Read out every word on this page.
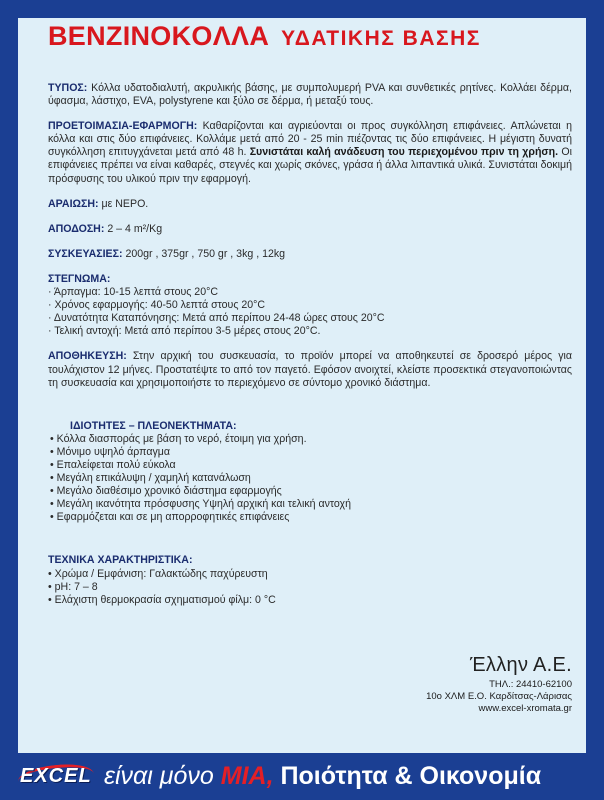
BENZINOKOΛΛA ΥΔΑΤΙΚΗΣ ΒΑΣΗΣ

ΤΥΠΟΣ: Κόλλα υδατοδιαλυτή, ακρυλικής βάσης, με συμπολυμερή PVA και συνθετικές ρητίνες. Κολλάει δέρμα, ύφασμα, λάστιχο, EVA, polystyrene και ξύλο σε δέρμα, ή μεταξύ τους.

ΠΡΟΕΤΟΙΜΑΣΙΑ-ΕΦΑΡΜΟΓΗ: Καθαρίζονται και αγριεύονται οι προς συγκόλληση επιφάνειες. Απλώνεται η κόλλα και στις δύο επιφάνειες. Κολλάμε μετά από 20 - 25 min πιέζοντας τις δύο επιφάνειες. Η μέγιστη δυνατή συγκόλληση επιτυγχάνεται μετά από 48 h. Συνιστάται καλή ανάδευση του περιεχομένου πριν τη χρήση. Οι επιφάνειες πρέπει να είναι καθαρές, στεγνές και χωρίς σκόνες, γράσα ή άλλα λιπαντικά υλικά. Συνιστάται δοκιμή πρόσφυσης του υλικού πριν την εφαρμογή.

ΑΡΑΙΩΣΗ: με ΝΕΡΟ.

ΑΠΟΔΟΣΗ: 2 – 4 m²/Kg

ΣΥΣΚΕΥΑΣΙΕΣ: 200gr , 375gr , 750 gr , 3kg , 12kg

ΣΤΕΓΝΩΜΑ:
· Άρπαγμα: 10-15 λεπτά στους 20°C
· Χρόνος εφαρμογής: 40-50 λεπτά στους 20°C
· Δυνατότητα Καταπόνησης: Μετά από περίπου 24-48 ώρες στους 20°C
· Τελική αντοχή: Μετά από περίπου 3-5 μέρες στους 20°C.

ΑΠΟΘΗΚΕΥΣΗ: Στην αρχική του συσκευασία, το προϊόν μπορεί να αποθηκευτεί σε δροσερό μέρος για τουλάχιστον 12 μήνες. Προστατέψτε το από τον παγετό. Εφόσον ανοιχτεί, κλείστε προσεκτικά στεγανοποιώντας τη συσκευασία και χρησιμοποιήστε το περιεχόμενο σε σύντομο χρονικό διάστημα.

ΙΔΙΟΤΗΤΕΣ – ΠΛΕΟΝΕΚΤΗΜΑΤΑ:
• Κόλλα διασποράς με βάση το νερό, έτοιμη για χρήση.
• Μόνιμο υψηλό άρπαγμα
• Επαλείφεται πολύ εύκολα
• Μεγάλη επικάλυψη / χαμηλή κατανάλωση
• Μεγάλο διαθέσιμο χρονικό διάστημα εφαρμογής
• Μεγάλη ικανότητα πρόσφυσης Υψηλή αρχική και τελική αντοχή
• Εφαρμόζεται και σε μη απορροφητικές επιφάνειες
ΤΕΧΝΙΚΑ ΧΑΡΑΚΤΗΡΙΣΤΙΚΑ:
• Χρώμα / Εμφάνιση: Γαλακτώδης παχύρευστη
• pH: 7 – 8
• Ελάχιστη θερμοκρασία σχηματισμού φίλμ: 0 °C
Έλλην Α.Ε.
ΤΗΛ.: 24410-62100
10ο ΧΛΜ Ε.Ο. Καρδίτσας-Λάρισας
www.excel-xromata.gr
EXCEL είναι μόνο ΜΙΑ, Ποιότητα & Οικονομία
